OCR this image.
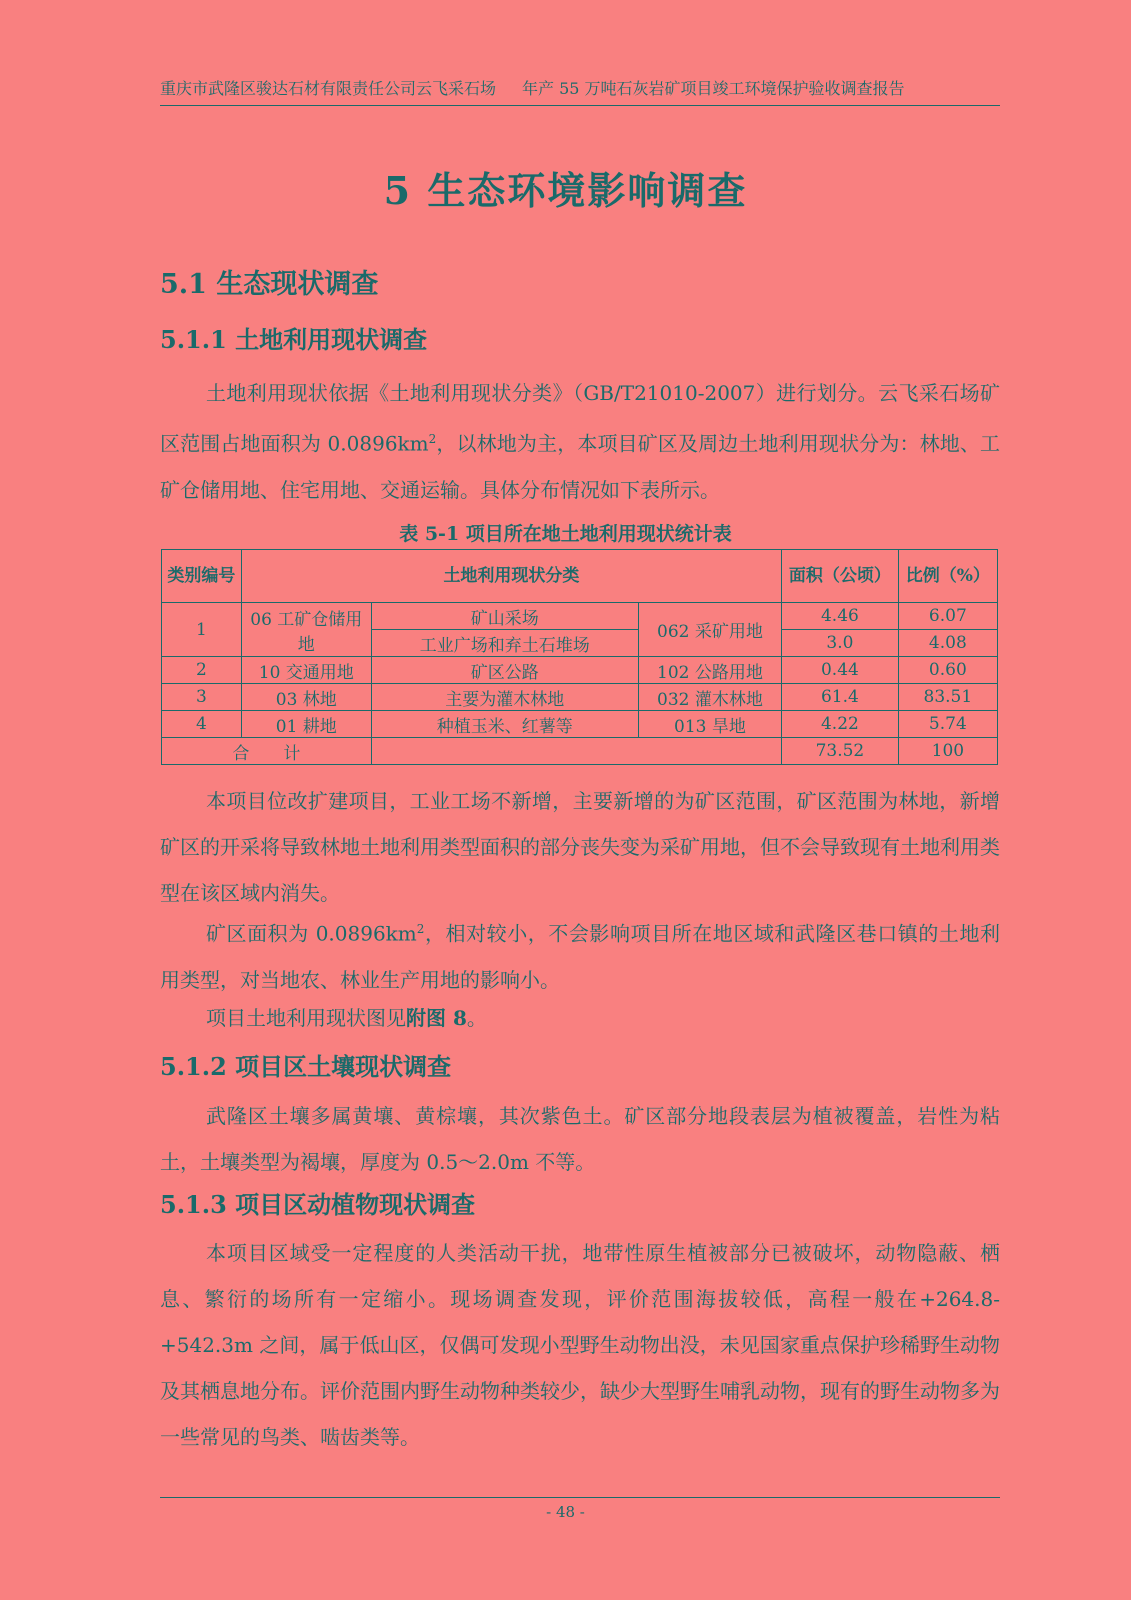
重庆市武隆区骏达石材有限责任公司云飞采石场 年产 55 万吨石灰岩矿项目竣工环境保护验收调查报告
5 生态环境影响调查
5.1 生态现状调查
5.1.1 土地利用现状调查

土地利用现状依据《土地利用现状分类》（GB/T21010-2007）进行划分。云飞采石场矿区范围占地面积为 $0.0896km^2$，以林地为主，本项目矿区及周边土地利用现状分为：林地、工矿仓储用地、住宅用地、交通运输。具体分布情况如下表所示。

表 5-1 项目所在地土地利用现状统计表
类别编号	土地利用现状分类			面积（公顷）	比例（%）
1	06 工矿仓储用地	矿山采场	062 采矿用地	4.46	6.07
		工业广场和弃土石堆场		3.0	4.08
2	10 交通用地	矿区公路	102 公路用地	0.44	0.60
3	03 林地	主要为灌木林地	032 灌木林地	61.4	83.51
4	01 耕地	种植玉米、红薯等	013 旱地	4.22	5.74
合　　计				73.52	100

本项目位改扩建项目，工业工场不新增，主要新增的为矿区范围，矿区范围为林地，新增矿区的开采将导致林地土地利用类型面积的部分丧失变为采矿用地，但不会导致现有土地利用类型在该区域内消失。

矿区面积为 $0.0896km^2$，相对较小，不会影响项目所在地区域和武隆区巷口镇的土地利用类型，对当地农、林业生产用地的影响小。

项目土地利用现状图见附图 8。

5.1.2 项目区土壤现状调查

武隆区土壤多属黄壤、黄棕壤，其次紫色土。矿区部分地段表层为植被覆盖，岩性为粘土，土壤类型为褐壤，厚度为 0.5～2.0m 不等。

5.1.3 项目区动植物现状调查

本项目区域受一定程度的人类活动干扰，地带性原生植被部分已被破坏，动物隐蔽、栖息、繁衍的场所有一定缩小。现场调查发现，评价范围海拔较低，高程一般在+264.8-+542.3m 之间，属于低山区，仅偶可发现小型野生动物出没，未见国家重点保护珍稀野生动物及其栖息地分布。评价范围内野生动物种类较少，缺少大型野生哺乳动物，现有的野生动物多为一些常见的鸟类、啮齿类等。

- 48 -
